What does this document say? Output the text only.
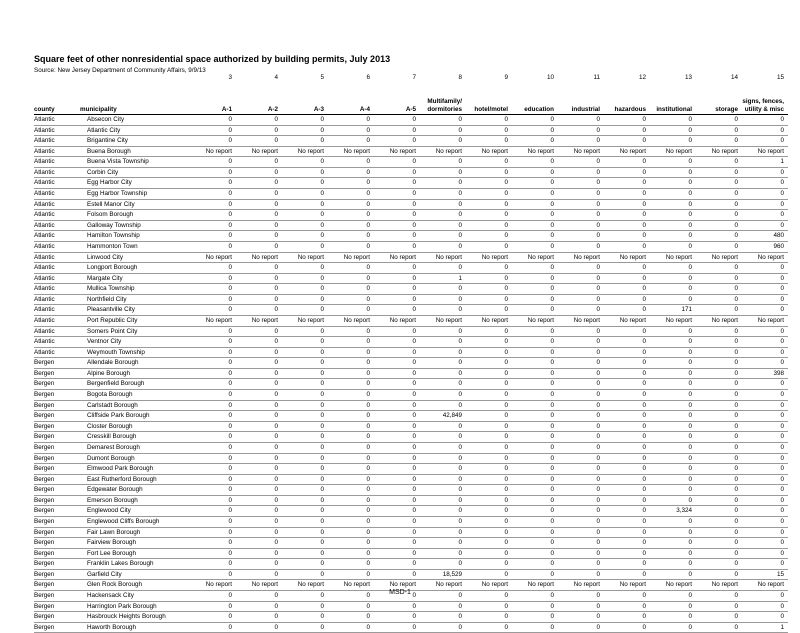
Square feet of other nonresidential space authorized by building permits, July 2013
Source: New Jersey Department of Community Affairs, 9/9/13
		3	4	5	6	7	8	9	10	11	12	13	14	15
county	municipality	A-1	A-2	A-3	A-4	A-5	Multifamily/ dormitories	hotel/motel	education	industrial	hazardous	institutional	storage	signs, fences, utility & misc
Atlantic	Absecon City	0	0	0	0	0	0	0	0	0	0	0	0	0
Atlantic	Atlantic City	0	0	0	0	0	0	0	0	0	0	0	0	0
Atlantic	Brigantine City	0	0	0	0	0	0	0	0	0	0	0	0	0
Atlantic	Buena Borough	No report	No report	No report	No report	No report	No report	No report	No report	No report	No report	No report	No report	No report
Atlantic	Buena Vista Township	0	0	0	0	0	0	0	0	0	0	0	0	1
Atlantic	Corbin City	0	0	0	0	0	0	0	0	0	0	0	0	0
Atlantic	Egg Harbor City	0	0	0	0	0	0	0	0	0	0	0	0	0
Atlantic	Egg Harbor Township	0	0	0	0	0	0	0	0	0	0	0	0	0
Atlantic	Estell Manor City	0	0	0	0	0	0	0	0	0	0	0	0	0
Atlantic	Folsom Borough	0	0	0	0	0	0	0	0	0	0	0	0	0
Atlantic	Galloway Township	0	0	0	0	0	0	0	0	0	0	0	0	0
Atlantic	Hamilton Township	0	0	0	0	0	0	0	0	0	0	0	0	480
Atlantic	Hammonton Town	0	0	0	0	0	0	0	0	0	0	0	0	960
Atlantic	Linwood City	No report	No report	No report	No report	No report	No report	No report	No report	No report	No report	No report	No report	No report
Atlantic	Longport Borough	0	0	0	0	0	0	0	0	0	0	0	0	0
Atlantic	Margate City	0	0	0	0	0	1	0	0	0	0	0	0	0
Atlantic	Mullica Township	0	0	0	0	0	0	0	0	0	0	0	0	0
Atlantic	Northfield City	0	0	0	0	0	0	0	0	0	0	0	0	0
Atlantic	Pleasantville City	0	0	0	0	0	0	0	0	0	0	171	0	0
Atlantic	Port Republic City	No report	No report	No report	No report	No report	No report	No report	No report	No report	No report	No report	No report	No report
Atlantic	Somers Point City	0	0	0	0	0	0	0	0	0	0	0	0	0
Atlantic	Ventnor City	0	0	0	0	0	0	0	0	0	0	0	0	0
Atlantic	Weymouth Township	0	0	0	0	0	0	0	0	0	0	0	0	0
Bergen	Allendale Borough	0	0	0	0	0	0	0	0	0	0	0	0	0
Bergen	Alpine Borough	0	0	0	0	0	0	0	0	0	0	0	0	398
Bergen	Bergenfield Borough	0	0	0	0	0	0	0	0	0	0	0	0	0
Bergen	Bogota Borough	0	0	0	0	0	0	0	0	0	0	0	0	0
Bergen	Carlstadt Borough	0	0	0	0	0	0	0	0	0	0	0	0	0
Bergen	Cliffside Park Borough	0	0	0	0	0	42,849	0	0	0	0	0	0	0
Bergen	Closter Borough	0	0	0	0	0	0	0	0	0	0	0	0	0
Bergen	Cresskill Borough	0	0	0	0	0	0	0	0	0	0	0	0	0
Bergen	Demarest Borough	0	0	0	0	0	0	0	0	0	0	0	0	0
Bergen	Dumont Borough	0	0	0	0	0	0	0	0	0	0	0	0	0
Bergen	Elmwood Park Borough	0	0	0	0	0	0	0	0	0	0	0	0	0
Bergen	East Rutherford Borough	0	0	0	0	0	0	0	0	0	0	0	0	0
Bergen	Edgewater Borough	0	0	0	0	0	0	0	0	0	0	0	0	0
Bergen	Emerson Borough	0	0	0	0	0	0	0	0	0	0	0	0	0
Bergen	Englewood City	0	0	0	0	0	0	0	0	0	0	3,324	0	0
Bergen	Englewood Cliffs Borough	0	0	0	0	0	0	0	0	0	0	0	0	0
Bergen	Fair Lawn Borough	0	0	0	0	0	0	0	0	0	0	0	0	0
Bergen	Fairview Borough	0	0	0	0	0	0	0	0	0	0	0	0	0
Bergen	Fort Lee Borough	0	0	0	0	0	0	0	0	0	0	0	0	0
Bergen	Franklin Lakes Borough	0	0	0	0	0	0	0	0	0	0	0	0	0
Bergen	Garfield City	0	0	0	0	0	18,529	0	0	0	0	0	0	15
Bergen	Glen Rock Borough	No report	No report	No report	No report	No report	No report	No report	No report	No report	No report	No report	No report	No report
Bergen	Hackensack City	0	0	0	0	0	0	0	0	0	0	0	0	0
Bergen	Harrington Park Borough	0	0	0	0	0	0	0	0	0	0	0	0	0
Bergen	Hasbrouck Heights Borough	0	0	0	0	0	0	0	0	0	0	0	0	0
Bergen	Haworth Borough	0	0	0	0	0	0	0	0	0	0	0	0	1
MSD-1
